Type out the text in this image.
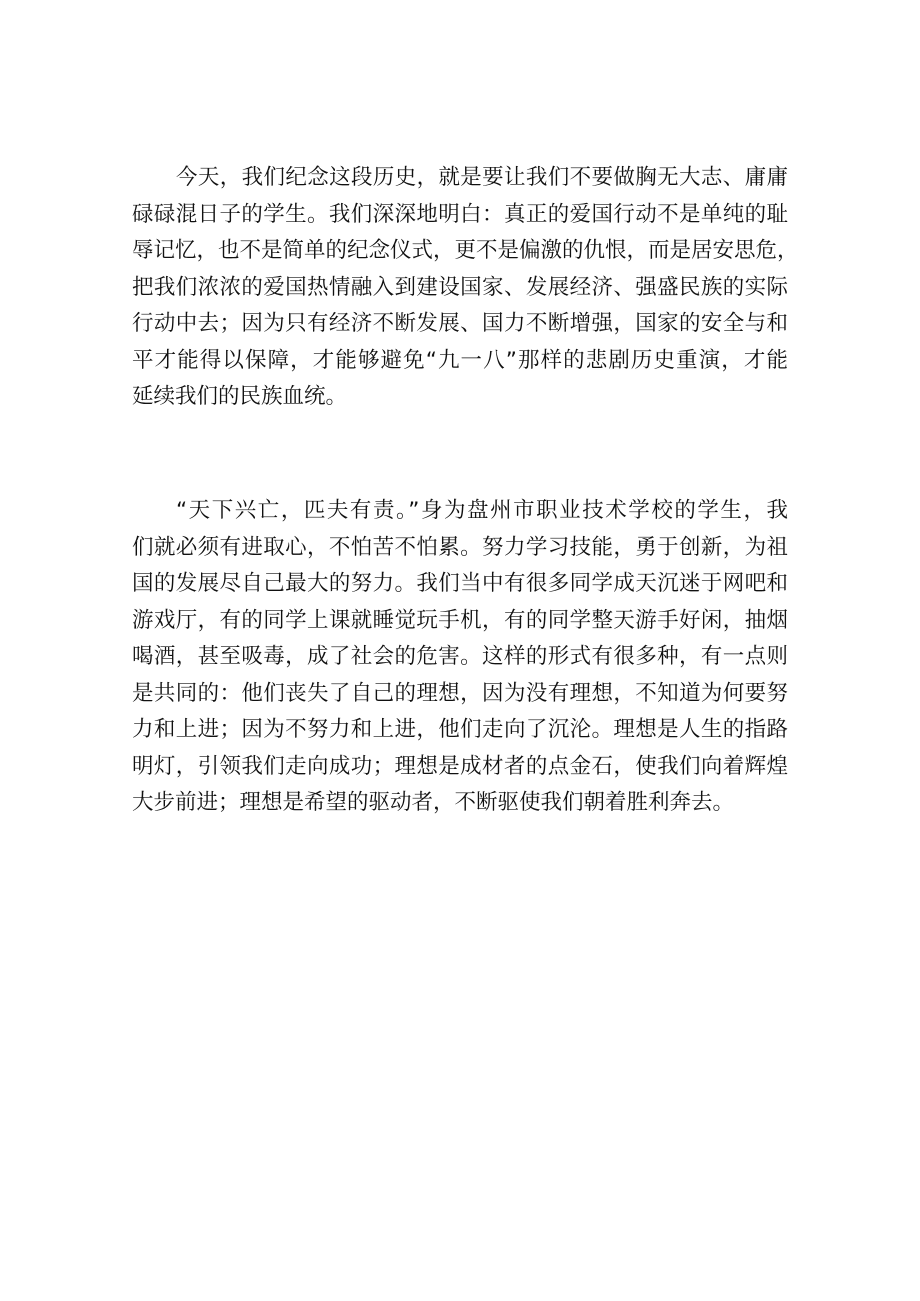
今天，我们纪念这段历史，就是要让我们不要做胸无大志、庸庸
碌碌混日子的学生。我们深深地明白：真正的爱国行动不是单纯的耻
辱记忆，也不是简单的纪念仪式，更不是偏激的仇恨，而是居安思危，
把我们浓浓的爱国热情融入到建设国家、发展经济、强盛民族的实际
行动中去；因为只有经济不断发展、国力不断增强，国家的安全与和
平才能得以保障，才能够避免“九一八”那样的悲剧历史重演，才能
延续我们的民族血统。
“天下兴亡，匹夫有责。”身为盘州市职业技术学校的学生，我
们就必须有进取心，不怕苦不怕累。努力学习技能，勇于创新，为祖
国的发展尽自己最大的努力。我们当中有很多同学成天沉迷于网吧和
游戏厅，有的同学上课就睡觉玩手机，有的同学整天游手好闲，抽烟
喝酒，甚至吸毒，成了社会的危害。这样的形式有很多种，有一点则
是共同的：他们丧失了自己的理想，因为没有理想，不知道为何要努
力和上进；因为不努力和上进，他们走向了沉沦。理想是人生的指路
明灯，引领我们走向成功；理想是成材者的点金石，使我们向着辉煌
大步前进；理想是希望的驱动者，不断驱使我们朝着胜利奔去。
